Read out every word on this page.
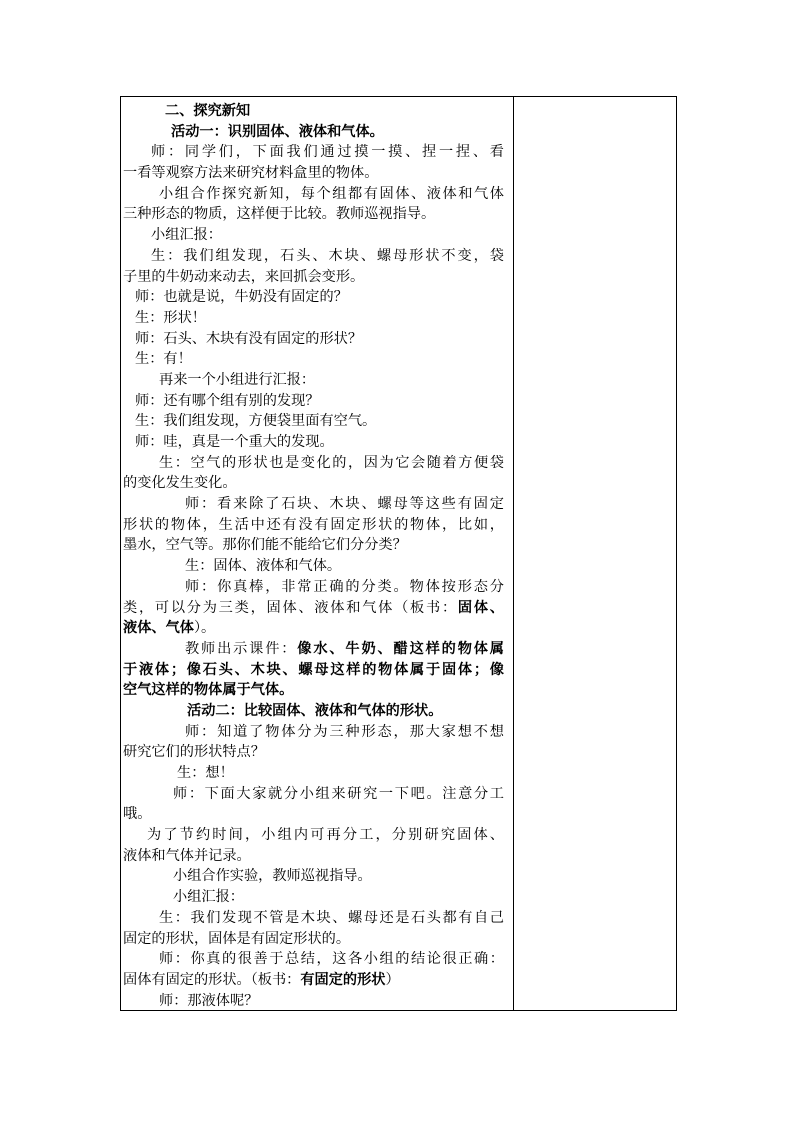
二、探究新知
活动一：识别固体、液体和气体。
师：同学们，下面我们通过摸一摸、捏一捏、看
一看等观察方法来研究材料盒里的物体。
小组合作探究新知，每个组都有固体、液体和气体
三种形态的物质，这样便于比较。教师巡视指导。
小组汇报：
生：我们组发现，石头、木块、螺母形状不变，袋
子里的牛奶动来动去，来回抓会变形。
师：也就是说，牛奶没有固定的？
生：形状！
师：石头、木块有没有固定的形状？
生：有！
再来一个小组进行汇报：
师：还有哪个组有别的发现？
生：我们组发现，方便袋里面有空气。
师：哇，真是一个重大的发现。
生：空气的形状也是变化的，因为它会随着方便袋
的变化发生变化。
师：看来除了石块、木块、螺母等这些有固定
形状的物体，生活中还有没有固定形状的物体，比如，
墨水，空气等。那你们能不能给它们分分类？
生：固体、液体和气体。
师：你真棒，非常正确的分类。物体按形态分
类，可以分为三类，固体、液体和气体（板书：固体、
液体、气体）。
教师出示课件：像水、牛奶、醋这样的物体属
于液体；像石头、木块、螺母这样的物体属于固体；像
空气这样的物体属于气体。
活动二：比较固体、液体和气体的形状。
师：知道了物体分为三种形态，那大家想不想
研究它们的形状特点？
生：想！
师：下面大家就分小组来研究一下吧。注意分工
哦。
为了节约时间，小组内可再分工，分别研究固体、
液体和气体并记录。
小组合作实验，教师巡视指导。
小组汇报：
生：我们发现不管是木块、螺母还是石头都有自己
固定的形状，固体是有固定形状的。
师：你真的很善于总结，这各小组的结论很正确：
固体有固定的形状。（板书：有固定的形状）
师：那液体呢？
